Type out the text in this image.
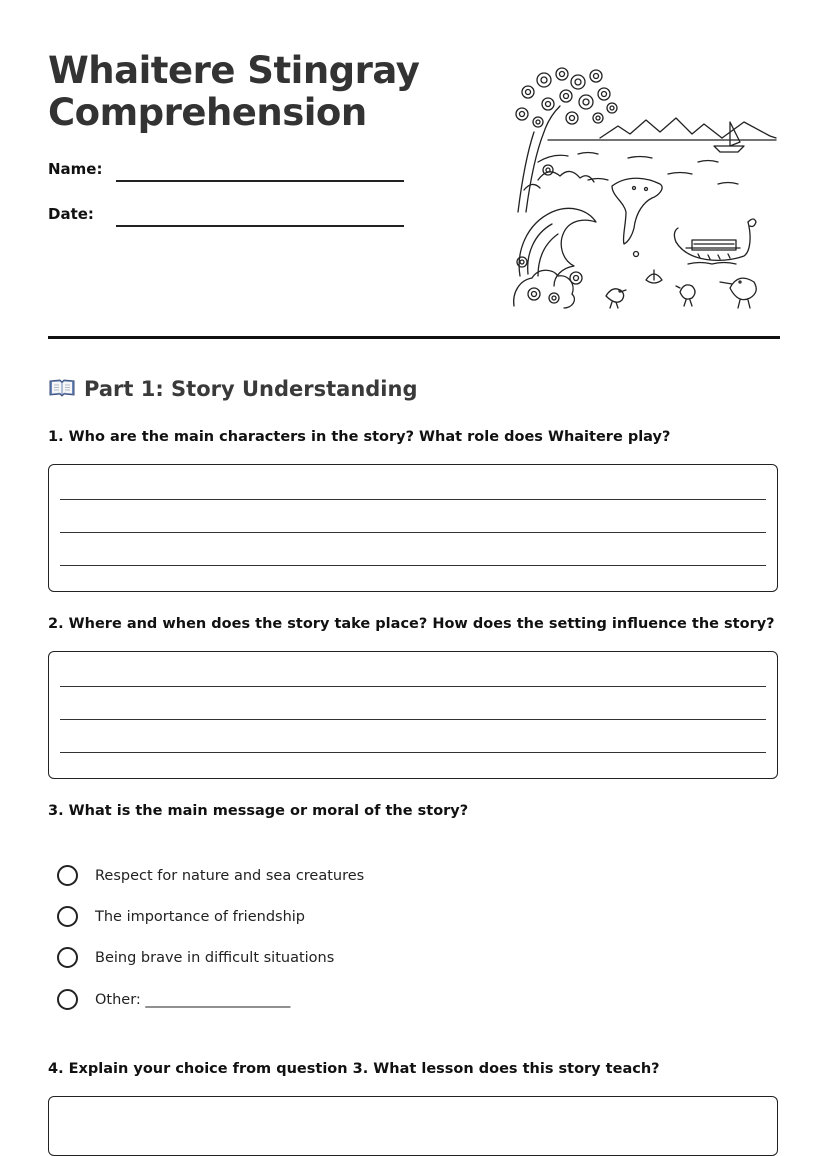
Whaitere Stingray
Comprehension
Name:
Date:
Part 1: Story Understanding

1. Who are the main characters in the story? What role does Whaitere play?

2. Where and when does the story take place? How does the setting influence the story?

3. What is the main message or moral of the story?

Respect for nature and sea creatures
The importance of friendship
Being brave in difficult situations
Other: ____________________

4. Explain your choice from question 3. What lesson does this story teach?
